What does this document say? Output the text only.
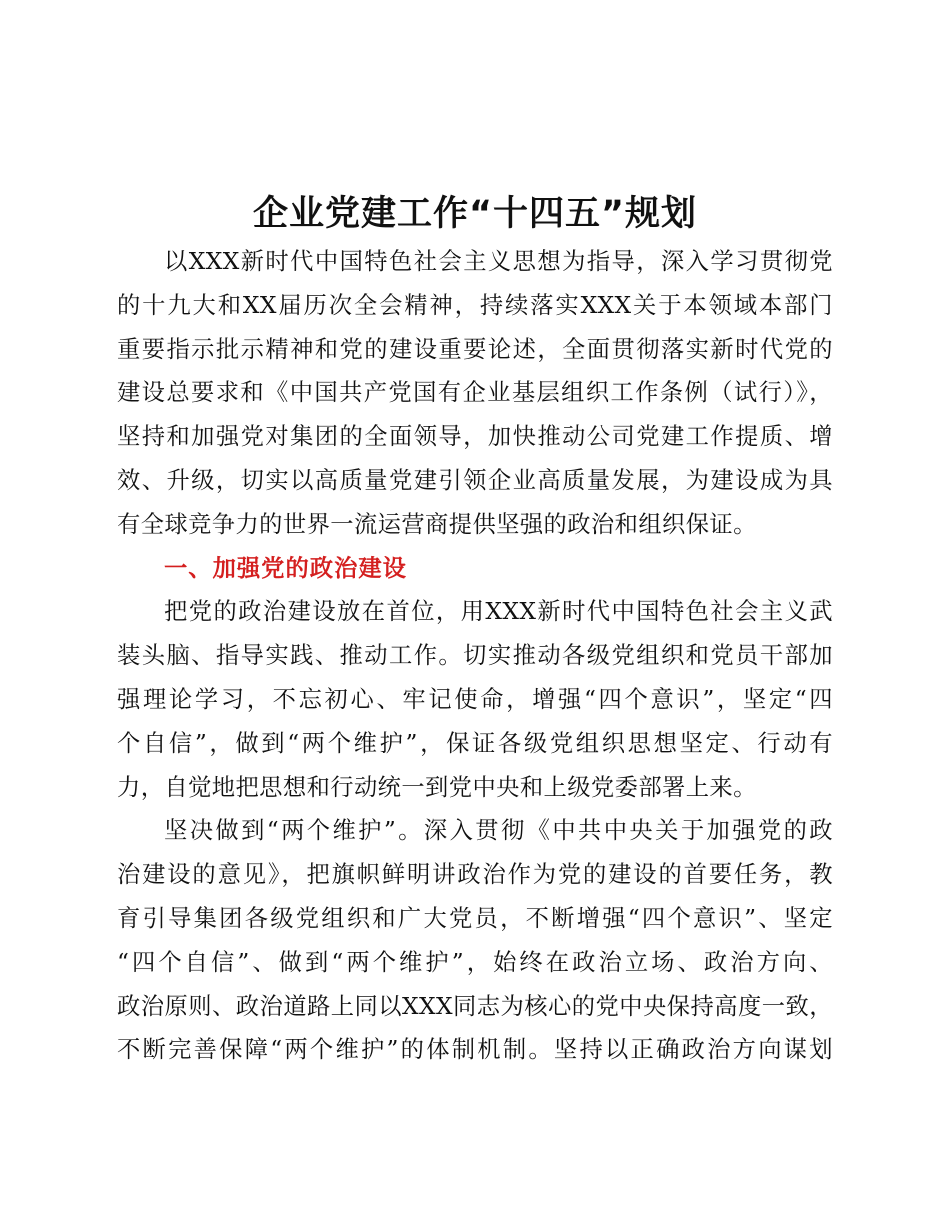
企业党建工作“十四五”规划

以XXX新时代中国特色社会主义思想为指导，深入学习贯彻党
的十九大和XX届历次全会精神，持续落实XXX关于本领域本部门
重要指示批示精神和党的建设重要论述，全面贯彻落实新时代党的
建设总要求和《中国共产党国有企业基层组织工作条例（试行）》，
坚持和加强党对集团的全面领导，加快推动公司党建工作提质、增
效、升级，切实以高质量党建引领企业高质量发展，为建设成为具
有全球竞争力的世界一流运营商提供坚强的政治和组织保证。

一、加强党的政治建设

把党的政治建设放在首位，用XXX新时代中国特色社会主义武
装头脑、指导实践、推动工作。切实推动各级党组织和党员干部加
强理论学习，不忘初心、牢记使命，增强“四个意识”，坚定“四
个自信”，做到“两个维护”，保证各级党组织思想坚定、行动有
力，自觉地把思想和行动统一到党中央和上级党委部署上来。

坚决做到“两个维护”。深入贯彻《中共中央关于加强党的政
治建设的意见》，把旗帜鲜明讲政治作为党的建设的首要任务，教
育引导集团各级党组织和广大党员，不断增强“四个意识”、坚定
“四个自信”、做到“两个维护”，始终在政治立场、政治方向、
政治原则、政治道路上同以XXX同志为核心的党中央保持高度一致，
不断完善保障“两个维护”的体制机制。坚持以正确政治方向谋划
